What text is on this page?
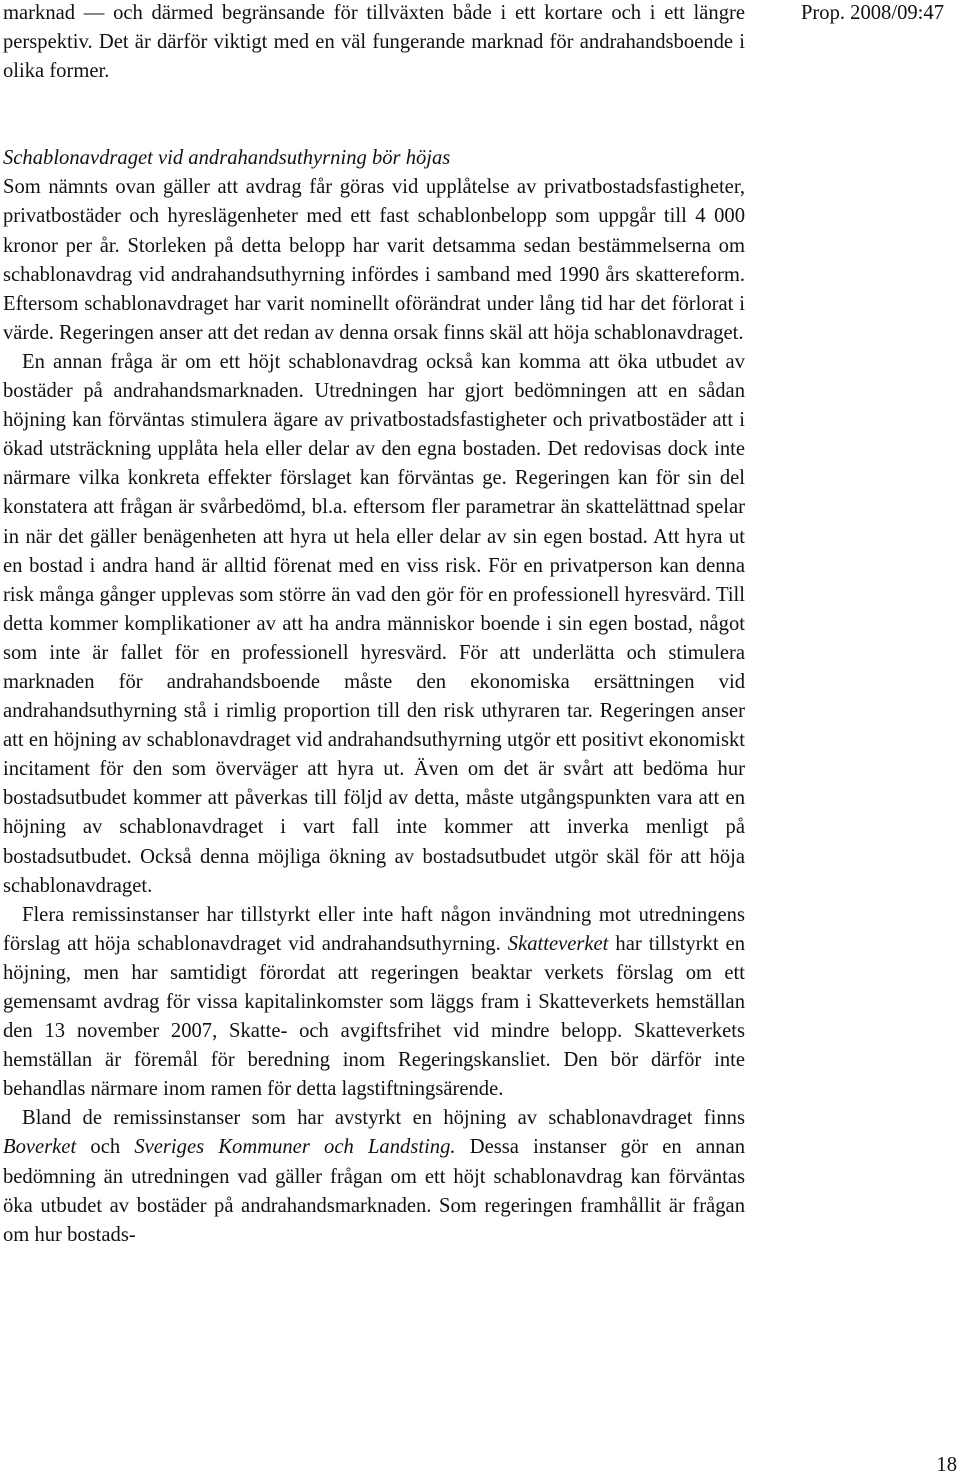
Prop. 2008/09:47

marknad — och därmed begränsande för tillväxten både i ett kortare och i ett längre perspektiv. Det är därför viktigt med en väl fungerande marknad för andrahandsboende i olika former.

Schablonavdraget vid andrahandsuthyrning bör höjas

Som nämnts ovan gäller att avdrag får göras vid upplåtelse av privatbostadsfastigheter, privatbostäder och hyreslägenheter med ett fast schablonbelopp som uppgår till 4 000 kronor per år. Storleken på detta belopp har varit detsamma sedan bestämmelserna om schablonavdrag vid andrahandsuthyrning infördes i samband med 1990 års skattereform. Eftersom schablonavdraget har varit nominellt oförändrat under lång tid har det förlorat i värde. Regeringen anser att det redan av denna orsak finns skäl att höja schablonavdraget.

En annan fråga är om ett höjt schablonavdrag också kan komma att öka utbudet av bostäder på andrahandsmarknaden. Utredningen har gjort bedömningen att en sådan höjning kan förväntas stimulera ägare av privatbostadsfastigheter och privatbostäder att i ökad utsträckning upplåta hela eller delar av den egna bostaden. Det redovisas dock inte närmare vilka konkreta effekter förslaget kan förväntas ge. Regeringen kan för sin del konstatera att frågan är svårbedömd, bl.a. eftersom fler parametrar än skattelättnad spelar in när det gäller benägenheten att hyra ut hela eller delar av sin egen bostad. Att hyra ut en bostad i andra hand är alltid förenat med en viss risk. För en privatperson kan denna risk många gånger upplevas som större än vad den gör för en professionell hyresvärd. Till detta kommer komplikationer av att ha andra människor boende i sin egen bostad, något som inte är fallet för en professionell hyresvärd. För att underlätta och stimulera marknaden för andrahandsboende måste den ekonomiska ersättningen vid andrahandsuthyrning stå i rimlig proportion till den risk uthyraren tar. Regeringen anser att en höjning av schablonavdraget vid andrahandsuthyrning utgör ett positivt ekonomiskt incitament för den som överväger att hyra ut. Även om det är svårt att bedöma hur bostadsutbudet kommer att påverkas till följd av detta, måste utgångspunkten vara att en höjning av schablonavdraget i vart fall inte kommer att inverka menligt på bostadsutbudet. Också denna möjliga ökning av bostadsutbudet utgör skäl för att höja schablonavdraget.

Flera remissinstanser har tillstyrkt eller inte haft någon invändning mot utredningens förslag att höja schablonavdraget vid andrahandsuthyrning. Skatteverket har tillstyrkt en höjning, men har samtidigt förordat att regeringen beaktar verkets förslag om ett gemensamt avdrag för vissa kapitalinkomster som läggs fram i Skatteverkets hemställan den 13 november 2007, Skatte- och avgiftsfrihet vid mindre belopp. Skatteverkets hemställan är föremål för beredning inom Regeringskansliet. Den bör därför inte behandlas närmare inom ramen för detta lagstiftningsärende.

Bland de remissinstanser som har avstyrkt en höjning av schablonavdraget finns Boverket och Sveriges Kommuner och Landsting. Dessa instanser gör en annan bedömning än utredningen vad gäller frågan om ett höjt schablonavdrag kan förväntas öka utbudet av bostäder på andrahandsmarknaden. Som regeringen framhållit är frågan om hur bostads-

18
